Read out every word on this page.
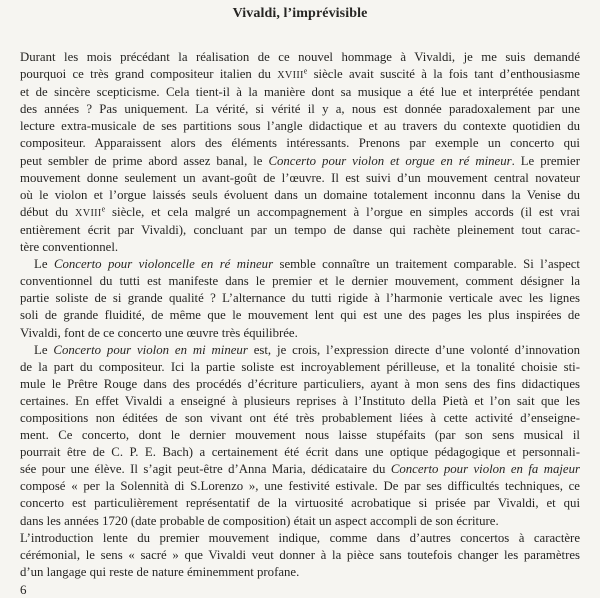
Vivaldi, l’imprévisible
Durant les mois précédant la réalisation de ce nouvel hommage à Vivaldi, je me suis demandé
pourquoi ce très grand compositeur italien du XVIIIe siècle avait suscité à la fois tant d’enthousiasme
et de sincère scepticisme. Cela tient-il à la manière dont sa musique a été lue et interprétée pendant
des années ? Pas uniquement. La vérité, si vérité il y a, nous est donnée paradoxalement par une
lecture extra-musicale de ses partitions sous l’angle didactique et au travers du contexte quotidien du
compositeur. Apparaissent alors des éléments intéressants. Prenons par exemple un concerto qui
peut sembler de prime abord assez banal, le Concerto pour violon et orgue en ré mineur. Le premier
mouvement donne seulement un avant-goût de l’œuvre. Il est suivi d’un mouvement central novateur
où le violon et l’orgue laissés seuls évoluent dans un domaine totalement inconnu dans la Venise du
début du XVIIIe siècle, et cela malgré un accompagnement à l’orgue en simples accords (il est vrai
entièrement écrit par Vivaldi), concluant par un tempo de danse qui rachète pleinement tout carac-
tère conventionnel.
Le Concerto pour violoncelle en ré mineur semble connaître un traitement comparable. Si l’aspect
conventionnel du tutti est manifeste dans le premier et le dernier mouvement, comment désigner la
partie soliste de si grande qualité ? L’alternance du tutti rigide à l’harmonie verticale avec les lignes
soli de grande fluidité, de même que le mouvement lent qui est une des pages les plus inspirées de
Vivaldi, font de ce concerto une œuvre très équilibrée.
Le Concerto pour violon en mi mineur est, je crois, l’expression directe d’une volonté d’innovation
de la part du compositeur. Ici la partie soliste est incroyablement périlleuse, et la tonalité choisie sti-
mule le Prêtre Rouge dans des procédés d’écriture particuliers, ayant à mon sens des fins didactiques
certaines. En effet Vivaldi a enseigné à plusieurs reprises à l’Instituto della Pietà et l’on sait que les
compositions non éditées de son vivant ont été très probablement liées à cette activité d’enseigne-
ment. Ce concerto, dont le dernier mouvement nous laisse stupéfaits (par son sens musical il
pourrait être de C. P. E. Bach) a certainement été écrit dans une optique pédagogique et personnali-
sée pour une élève. Il s’agit peut-être d’Anna Maria, dédicataire du Concerto pour violon en fa majeur
composé « per la Solennità di S.Lorenzo », une festivité estivale. De par ses difficultés techniques, ce
concerto est particulièrement représentatif de la virtuosité acrobatique si prisée par Vivaldi, et qui
dans les années 1720 (date probable de composition) était un aspect accompli de son écriture.
L’introduction lente du premier mouvement indique, comme dans d’autres concertos à caractère
cérémonial, le sens « sacré » que Vivaldi veut donner à la pièce sans toutefois changer les paramètres
d’un langage qui reste de nature éminemment profane.
6
